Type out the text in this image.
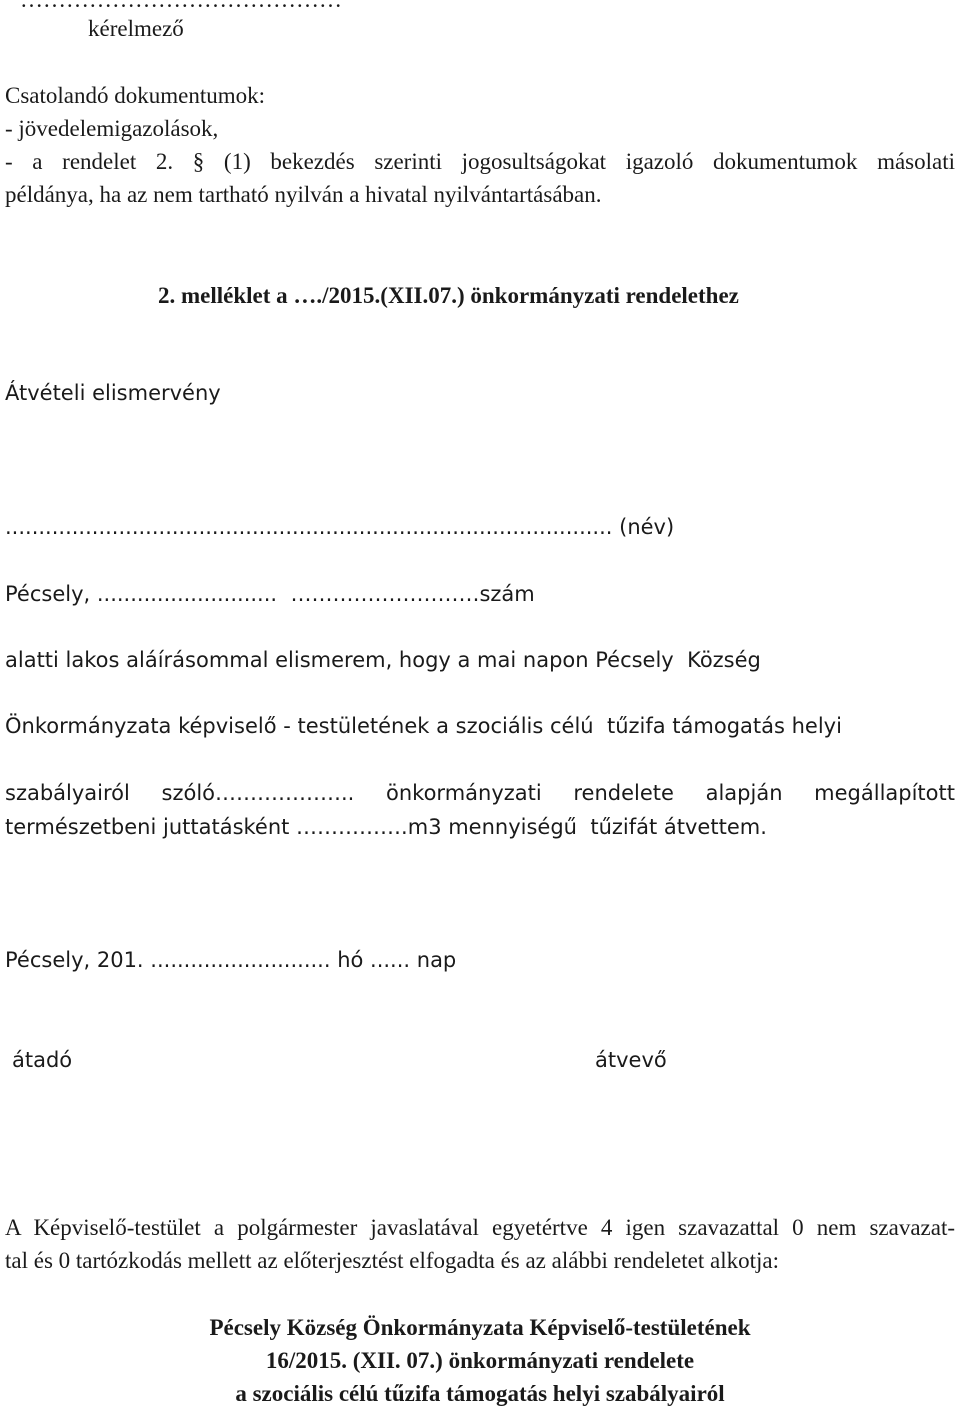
kérelmező
Csatolandó dokumentumok:
- jövedelemigazolások,
- a rendelet 2. § (1) bekezdés szerinti jogosultságokat igazoló dokumentumok másolati
példánya, ha az nem tartható nyilván a hivatal nyilvántartásában.
2. melléklet a …./2015.(XII.07.) önkormányzati rendelethez
Átvételi elismervény
........................................................................................... (név)
Pécsely, ...........................  ………………………szám
alatti lakos aláírásommal elismerem, hogy a mai napon Pécsely  Község
Önkormányzata képviselő - testületének a szociális célú  tűzifa támogatás helyi
szabályairól szóló……………….. önkormányzati rendelete alapján megállapított
természetbeni juttatásként …………….m3 mennyiségű  tűzifát átvettem.
Pécsely, 201. ........................... hó ...... nap
átadó	átvevő
A Képviselő-testület a polgármester javaslatával egyetértve 4 igen szavazattal 0 nem szavazat-
tal és 0 tartózkodás mellett az előterjesztést elfogadta és az alábbi rendeletet alkotja:
Pécsely Község Önkormányzata Képviselő-testületének
16/2015. (XII. 07.) önkormányzati rendelete
a szociális célú tűzifa támogatás helyi szabályairól
